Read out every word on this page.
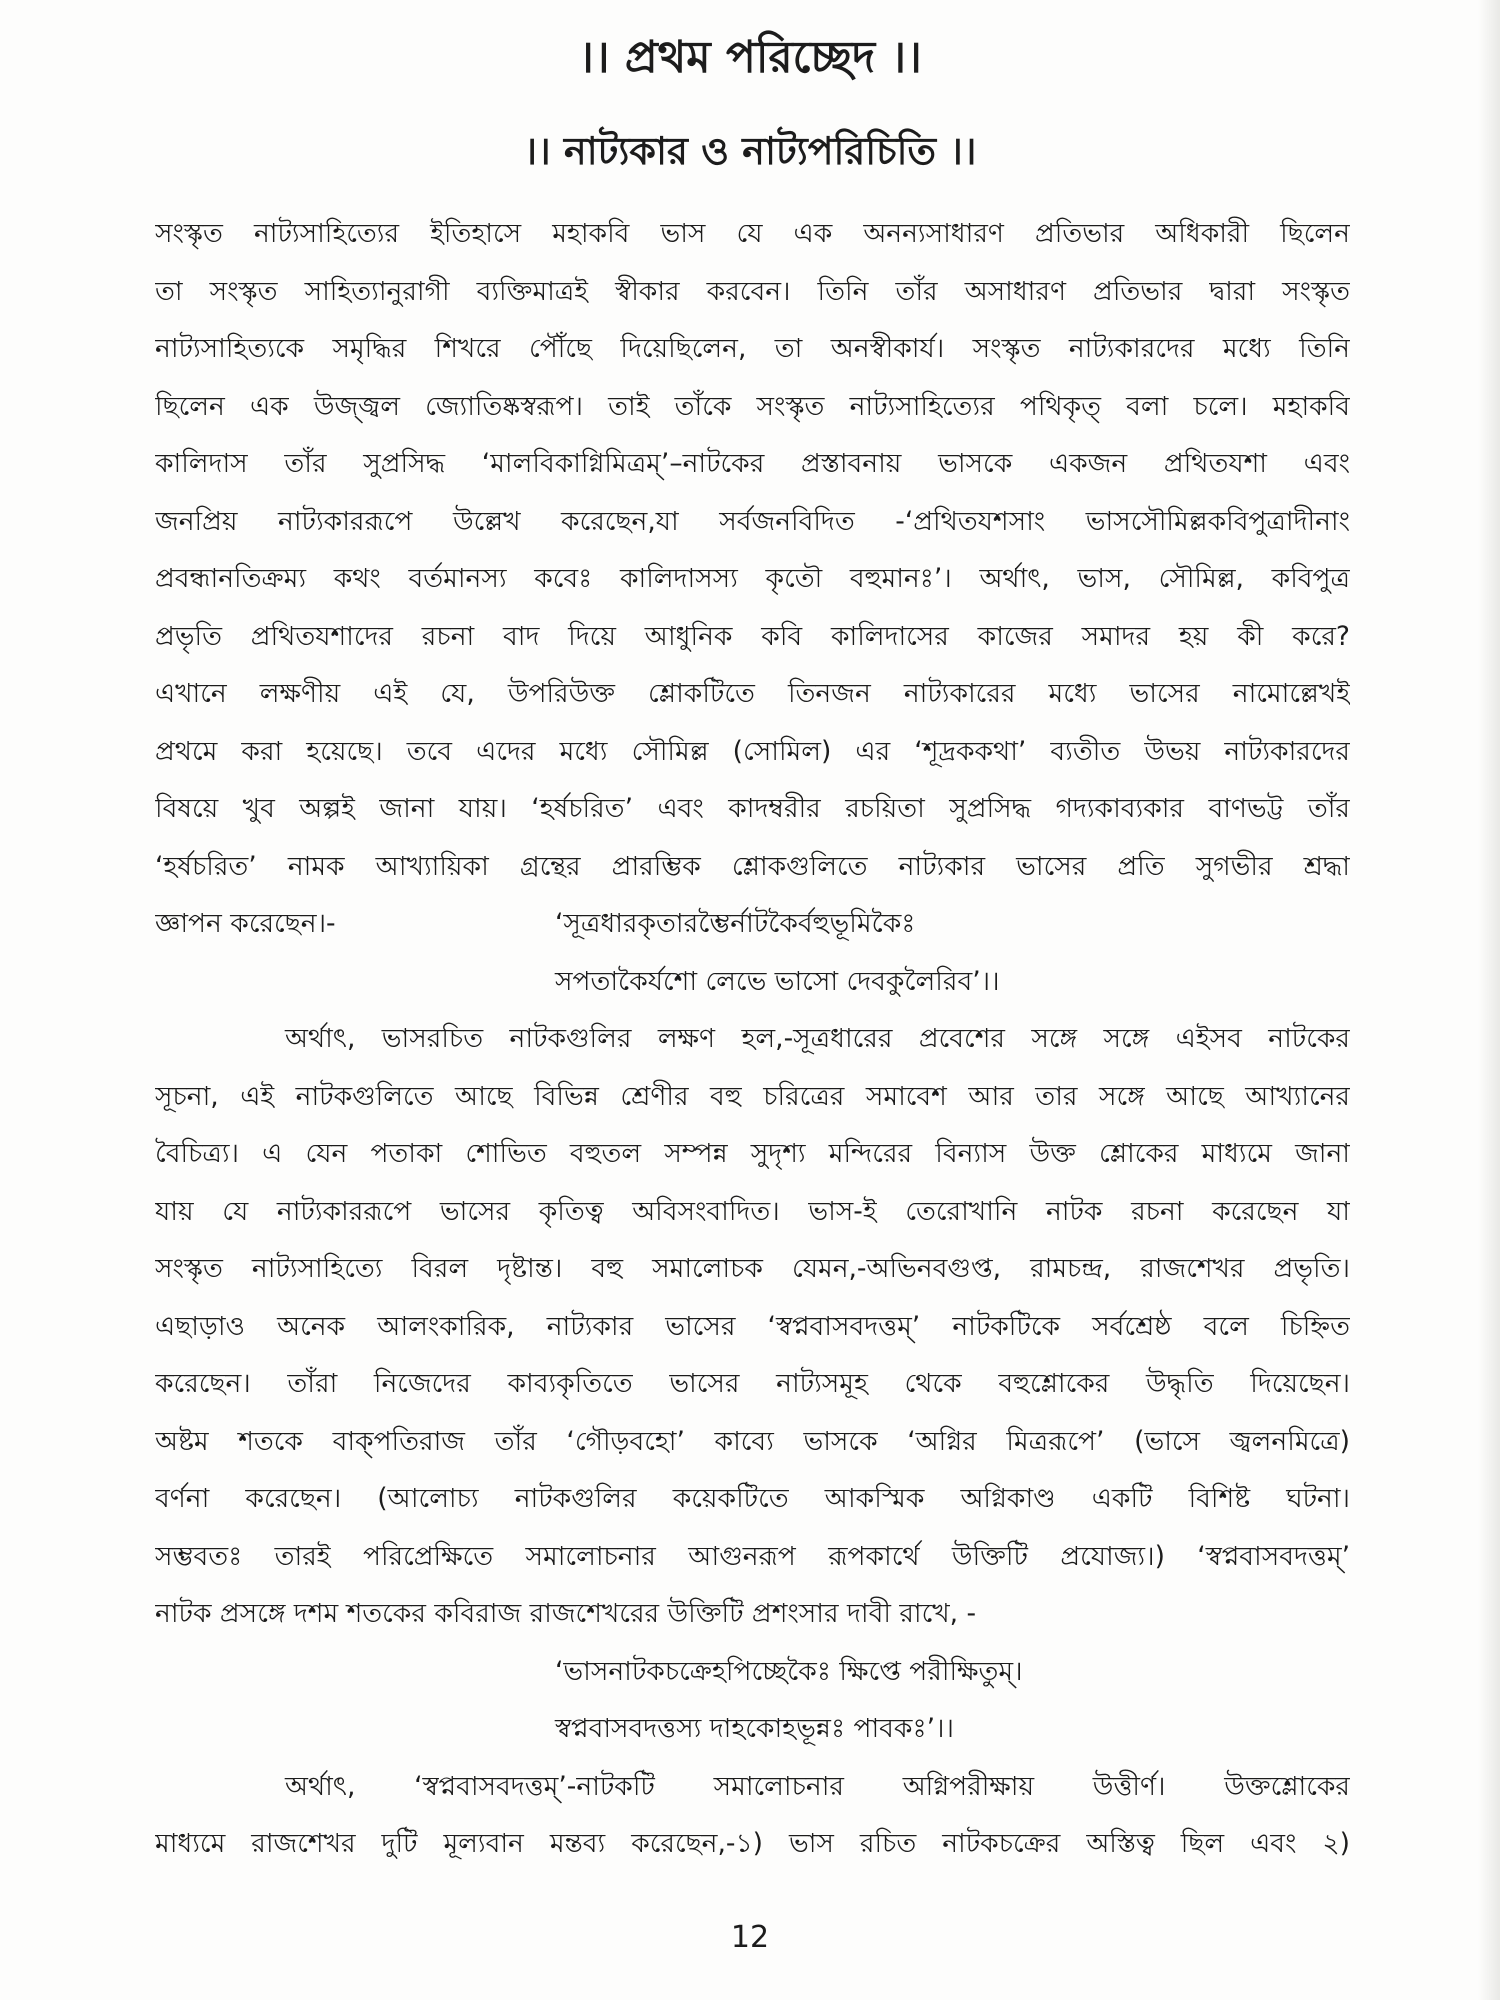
।। প্রথম পরিচ্ছেদ ।।
।। নাট্যকার ও নাট্যপরিচিতি ।।
সংস্কৃত নাট্যসাহিত্যের ইতিহাসে মহাকবি ভাস যে এক অনন্যসাধারণ প্রতিভার অধিকারী ছিলেন
তা সংস্কৃত সাহিত্যানুরাগী ব্যক্তিমাত্রই স্বীকার করবেন। তিনি তাঁর অসাধারণ প্রতিভার দ্বারা সংস্কৃত
নাট্যসাহিত্যকে সমৃদ্ধির শিখরে পৌঁছে দিয়েছিলেন, তা অনস্বীকার্য। সংস্কৃত নাট্যকারদের মধ্যে তিনি
ছিলেন এক উজ্জ্বল জ্যোতিষ্কস্বরূপ। তাই তাঁকে সংস্কৃত নাট্যসাহিত্যের পথিকৃত্ বলা চলে। মহাকবি
কালিদাস তাঁর সুপ্রসিদ্ধ ‘মালবিকাগ্নিমিত্রম্’–নাটকের প্রস্তাবনায় ভাসকে একজন প্রথিতযশা এবং
জনপ্রিয় নাট্যকাররূপে উল্লেখ করেছেন,যা সর্বজনবিদিত -‘প্রথিতযশসাং ভাসসৌমিল্লকবিপুত্রাদীনাং
প্রবন্ধানতিক্রম্য কথং বর্তমানস্য কবেঃ কালিদাসস্য কৃতৌ বহুমানঃ’। অর্থাৎ, ভাস, সৌমিল্ল, কবিপুত্র
প্রভৃতি প্রথিতযশাদের রচনা বাদ দিয়ে আধুনিক কবি কালিদাসের কাজের সমাদর হয় কী করে?
এখানে লক্ষণীয় এই যে, উপরিউক্ত শ্লোকটিতে তিনজন নাট্যকারের মধ্যে ভাসের নামোল্লেখই
প্রথমে করা হয়েছে। তবে এদের মধ্যে সৌমিল্ল (সোমিল) এর ‘শূদ্রককথা’ ব্যতীত উভয় নাট্যকারদের
বিষয়ে খুব অল্পই জানা যায়। ‘হর্ষচরিত’ এবং কাদম্বরীর রচয়িতা সুপ্রসিদ্ধ গদ্যকাব্যকার বাণভট্ট তাঁর
‘হর্ষচরিত’ নামক আখ্যায়িকা গ্রন্থের প্রারম্ভিক শ্লোকগুলিতে নাট্যকার ভাসের প্রতি সুগভীর শ্রদ্ধা
জ্ঞাপন করেছেন।-	‘সূত্রধারকৃতারম্ভৈর্নাটকৈর্বহুভূমিকৈঃ
সপতাকৈর্যশো লেভে ভাসো দেবকুলৈরিব’।।
অর্থাৎ, ভাসরচিত নাটকগুলির লক্ষণ হল,-সূত্রধারের প্রবেশের সঙ্গে সঙ্গে এইসব নাটকের
সূচনা, এই নাটকগুলিতে আছে বিভিন্ন শ্রেণীর বহু চরিত্রের সমাবেশ আর তার সঙ্গে আছে আখ্যানের
বৈচিত্র্য। এ যেন পতাকা শোভিত বহুতল সম্পন্ন সুদৃশ্য মন্দিরের বিন্যাস উক্ত শ্লোকের মাধ্যমে জানা
যায় যে নাট্যকাররূপে ভাসের কৃতিত্ব অবিসংবাদিত। ভাস-ই তেরোখানি নাটক রচনা করেছেন যা
সংস্কৃত নাট্যসাহিত্যে বিরল দৃষ্টান্ত। বহু সমালোচক যেমন,-অভিনবগুপ্ত, রামচন্দ্র, রাজশেখর প্রভৃতি।
এছাড়াও অনেক আলংকারিক, নাট্যকার ভাসের ‘স্বপ্নবাসবদত্তম্’ নাটকটিকে সর্বশ্রেষ্ঠ বলে চিহ্নিত
করেছেন। তাঁরা নিজেদের কাব্যকৃতিতে ভাসের নাট্যসমূহ থেকে বহুশ্লোকের উদ্ধৃতি দিয়েছেন।
অষ্টম শতকে বাক্পতিরাজ তাঁর ‘গৌড়বহো’ কাব্যে ভাসকে ‘অগ্নির মিত্ররূপে’ (ভাসে জ্বলনমিত্রে)
বর্ণনা করেছেন। (আলোচ্য নাটকগুলির কয়েকটিতে আকস্মিক অগ্নিকাণ্ড একটি বিশিষ্ট ঘটনা।
সম্ভবতঃ তারই পরিপ্রেক্ষিতে সমালোচনার আগুনরূপ রূপকার্থে উক্তিটি প্রযোজ্য।) ‘স্বপ্নবাসবদত্তম্’
নাটক প্রসঙ্গে দশম শতকের কবিরাজ রাজশেখরের উক্তিটি প্রশংসার দাবী রাখে, -
‘ভাসনাটকচক্রেহপিচ্ছেকৈঃ ক্ষিপ্তে পরীক্ষিতুম্।
স্বপ্নবাসবদত্তস্য দাহকোহভূন্নঃ পাবকঃ’।।
অর্থাৎ, ‘স্বপ্নবাসবদত্তম্’-নাটকটি সমালোচনার অগ্নিপরীক্ষায় উত্তীর্ণ। উক্তশ্লোকের
মাধ্যমে রাজশেখর দুটি মূল্যবান মন্তব্য করেছেন,-১) ভাস রচিত নাটকচক্রের অস্তিত্ব ছিল এবং ২)
12
